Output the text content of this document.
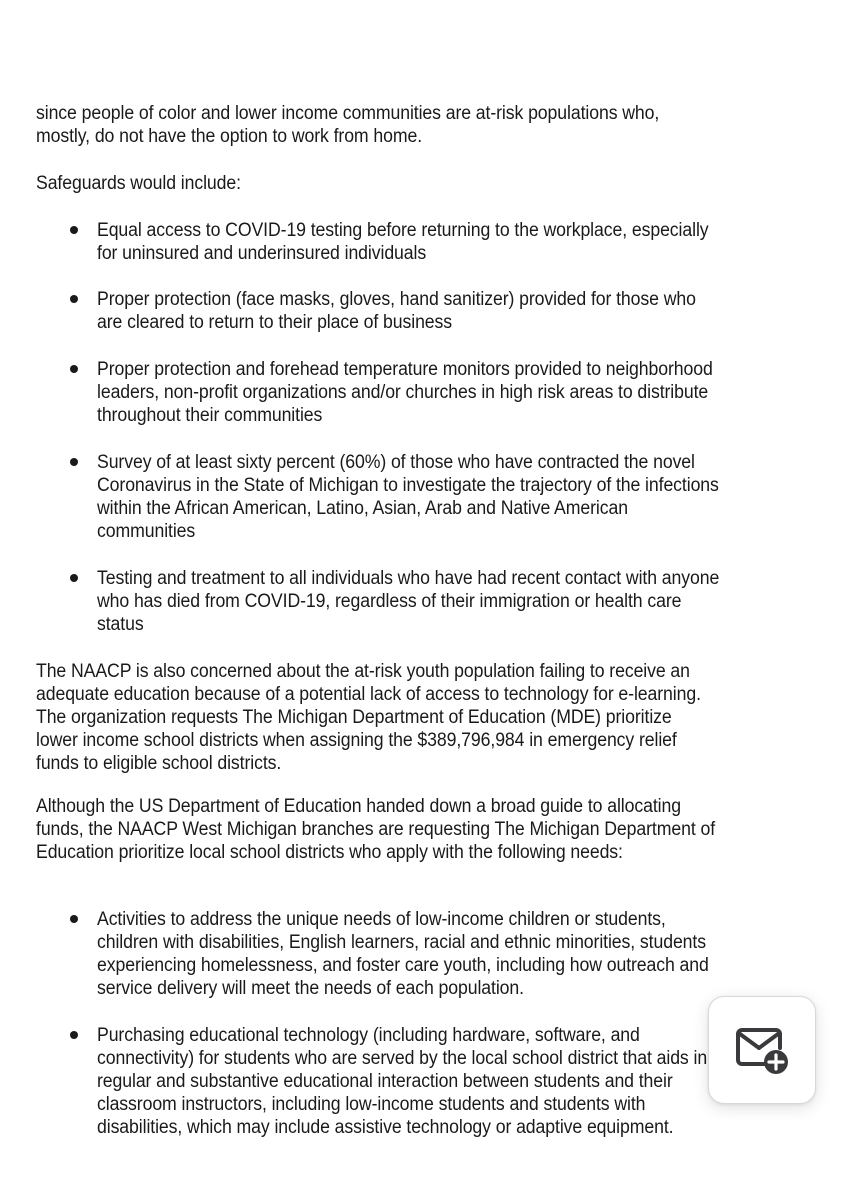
since people of color and lower income communities are at-risk populations who,
mostly, do not have the option to work from home.
Safeguards would include:
Equal access to COVID-19 testing before returning to the workplace, especially
for uninsured and underinsured individuals
Proper protection (face masks, gloves, hand sanitizer) provided for those who
are cleared to return to their place of business
Proper protection and forehead temperature monitors provided to neighborhood
leaders, non-profit organizations and/or churches in high risk areas to distribute
throughout their communities
Survey of at least sixty percent (60%) of those who have contracted the novel
Coronavirus in the State of Michigan to investigate the trajectory of the infections
within the African American, Latino, Asian, Arab and Native American
communities
Testing and treatment to all individuals who have had recent contact with anyone
who has died from COVID-19, regardless of their immigration or health care
status
The NAACP is also concerned about the at-risk youth population failing to receive an
adequate education because of a potential lack of access to technology for e-learning.
The organization requests The Michigan Department of Education (MDE) prioritize
lower income school districts when assigning the $389,796,984 in emergency relief
funds to eligible school districts.
Although the US Department of Education handed down a broad guide to allocating
funds, the NAACP West Michigan branches are requesting The Michigan Department of
Education prioritize local school districts who apply with the following needs:
Activities to address the unique needs of low-income children or students,
children with disabilities, English learners, racial and ethnic minorities, students
experiencing homelessness, and foster care youth, including how outreach and
service delivery will meet the needs of each population.
Purchasing educational technology (including hardware, software, and
connectivity) for students who are served by the local school district that aids in
regular and substantive educational interaction between students and their
classroom instructors, including low-income students and students with
disabilities, which may include assistive technology or adaptive equipment.
